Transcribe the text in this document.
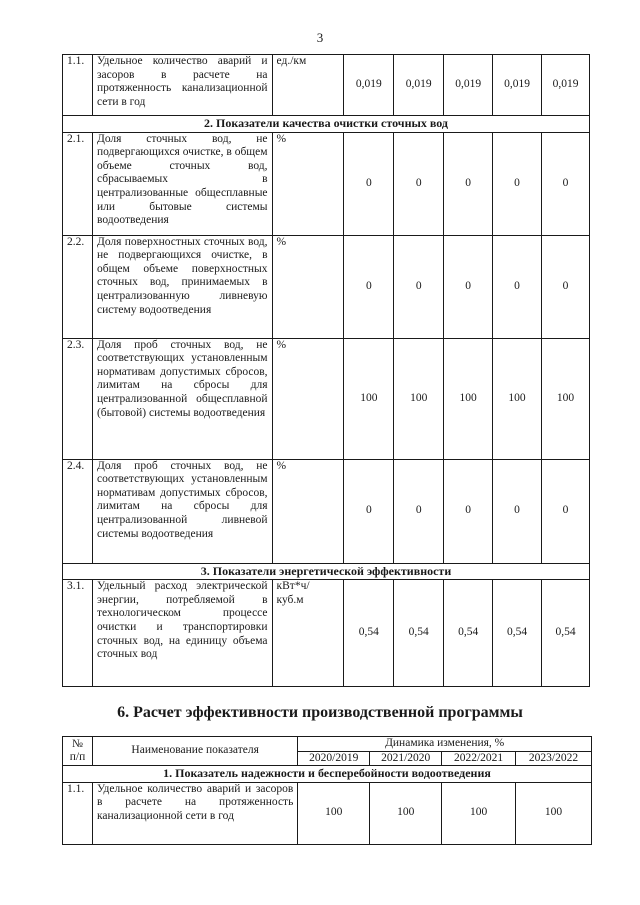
3
1.1.	Удельное количество аварий и засоров в расчете на протяженность канализационной сети в год	ед./км	0,019	0,019	0,019	0,019	0,019
2. Показатели качества очистки сточных вод							
2.1.	Доля сточных вод, не подвергающихся очистке, в общем объеме сточных вод, сбрасываемых в централизованные общесплавные или бытовые системы водоотведения	%	0	0	0	0	0
2.2.	Доля поверхностных сточных вод, не подвергающихся очистке, в общем объеме поверхностных сточных вод, принимаемых в централизованную ливневую систему водоотведения	%	0	0	0	0	0
2.3.	Доля проб сточных вод, не соответствующих установленным нормативам допустимых сбросов, лимитам на сбросы для централизованной общесплавной (бытовой) системы водоотведения	%	100	100	100	100	100
2.4.	Доля проб сточных вод, не соответствующих установленным нормативам допустимых сбросов, лимитам на сбросы для централизованной ливневой системы водоотведения	%	0	0	0	0	0
3. Показатели энергетической эффективности							
3.1.	Удельный расход электрической энергии, потребляемой в технологическом процессе очистки и транспортировки сточных вод, на единицу объема сточных вод	кВт*ч/ куб.м	0,54	0,54	0,54	0,54	0,54
6. Расчет эффективности производственной программы
№ п/п	Наименование показателя	Динамика изменения, %			
		2020/2019	2021/2020	2022/2021	2023/2022
1. Показатель надежности и бесперебойности водоотведения					
1.1.	Удельное количество аварий и засоров в расчете на протяженность канализационной сети в год	100	100	100	100
